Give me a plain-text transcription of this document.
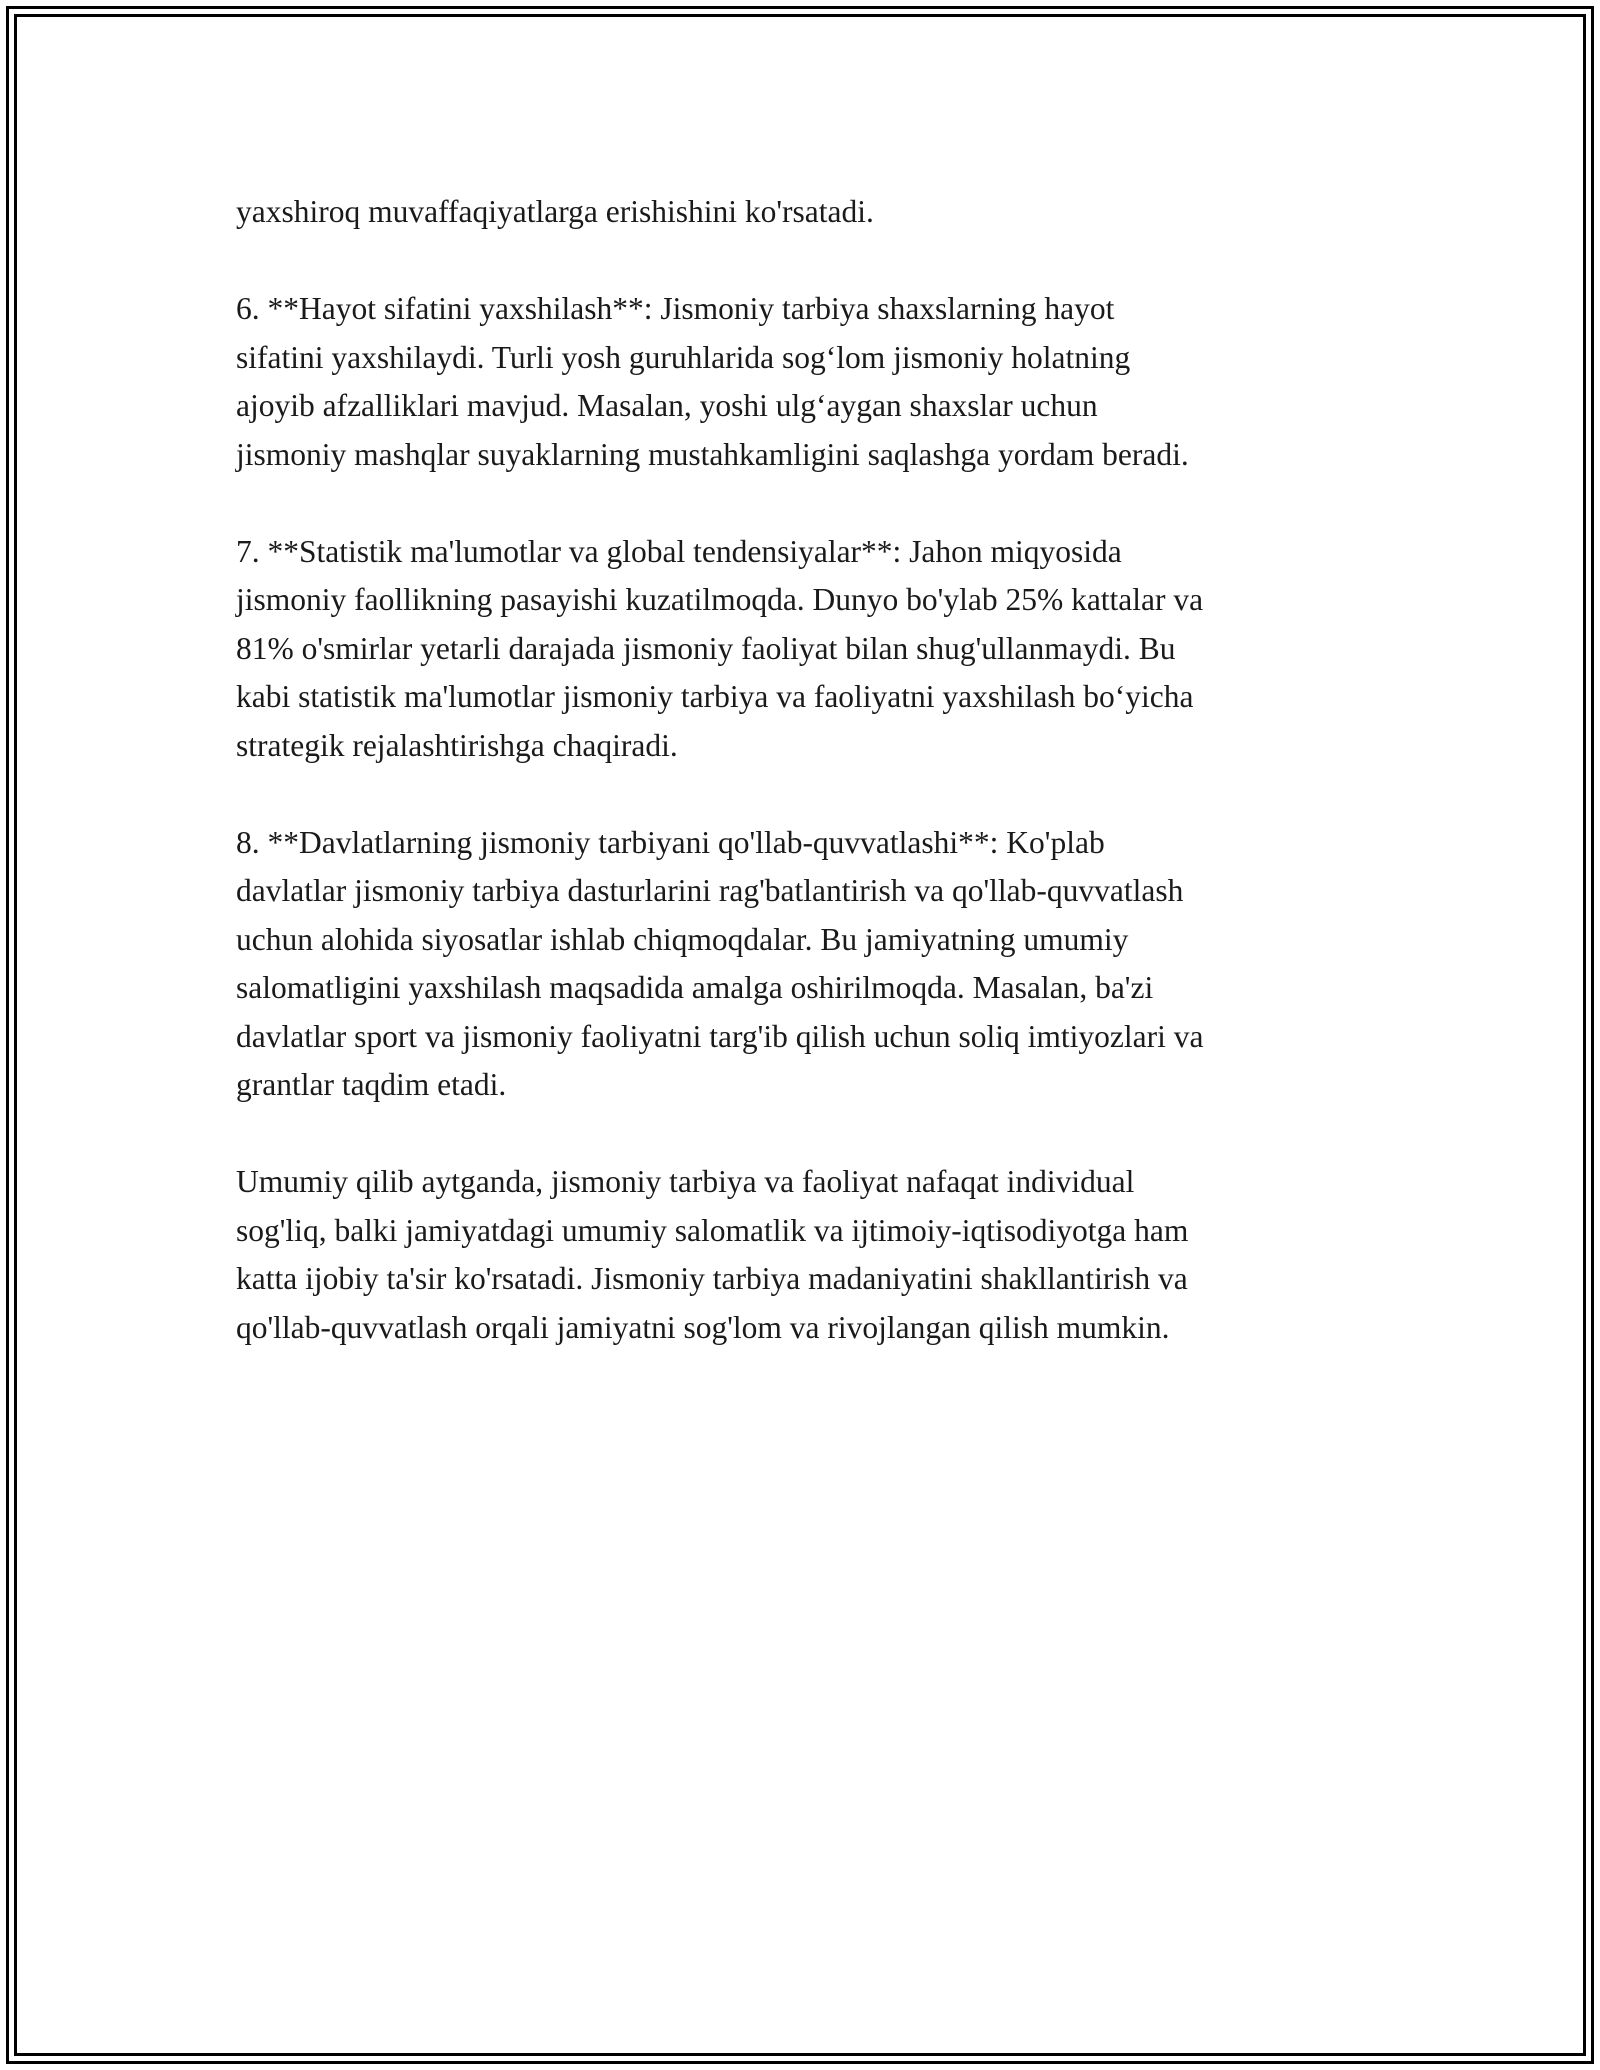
yaxshiroq muvaffaqiyatlarga erishishini ko'rsatadi.

6. **Hayot sifatini yaxshilash**: Jismoniy tarbiya shaxslarning hayot
sifatini yaxshilaydi. Turli yosh guruhlarida sog‘lom jismoniy holatning
ajoyib afzalliklari mavjud. Masalan, yoshi ulg‘aygan shaxslar uchun
jismoniy mashqlar suyaklarning mustahkamligini saqlashga yordam beradi.

7. **Statistik ma'lumotlar va global tendensiyalar**: Jahon miqyosida
jismoniy faollikning pasayishi kuzatilmoqda. Dunyo bo'ylab 25% kattalar va
81% o'smirlar yetarli darajada jismoniy faoliyat bilan shug'ullanmaydi. Bu
kabi statistik ma'lumotlar jismoniy tarbiya va faoliyatni yaxshilash bo‘yicha
strategik rejalashtirishga chaqiradi.

8. **Davlatlarning jismoniy tarbiyani qo'llab-quvvatlashi**: Ko'plab
davlatlar jismoniy tarbiya dasturlarini rag'batlantirish va qo'llab-quvvatlash
uchun alohida siyosatlar ishlab chiqmoqdalar. Bu jamiyatning umumiy
salomatligini yaxshilash maqsadida amalga oshirilmoqda. Masalan, ba'zi
davlatlar sport va jismoniy faoliyatni targ'ib qilish uchun soliq imtiyozlari va
grantlar taqdim etadi.

Umumiy qilib aytganda, jismoniy tarbiya va faoliyat nafaqat individual
sog'liq, balki jamiyatdagi umumiy salomatlik va ijtimoiy-iqtisodiyotga ham
katta ijobiy ta'sir ko'rsatadi. Jismoniy tarbiya madaniyatini shakllantirish va
qo'llab-quvvatlash orqali jamiyatni sog'lom va rivojlangan qilish mumkin.
